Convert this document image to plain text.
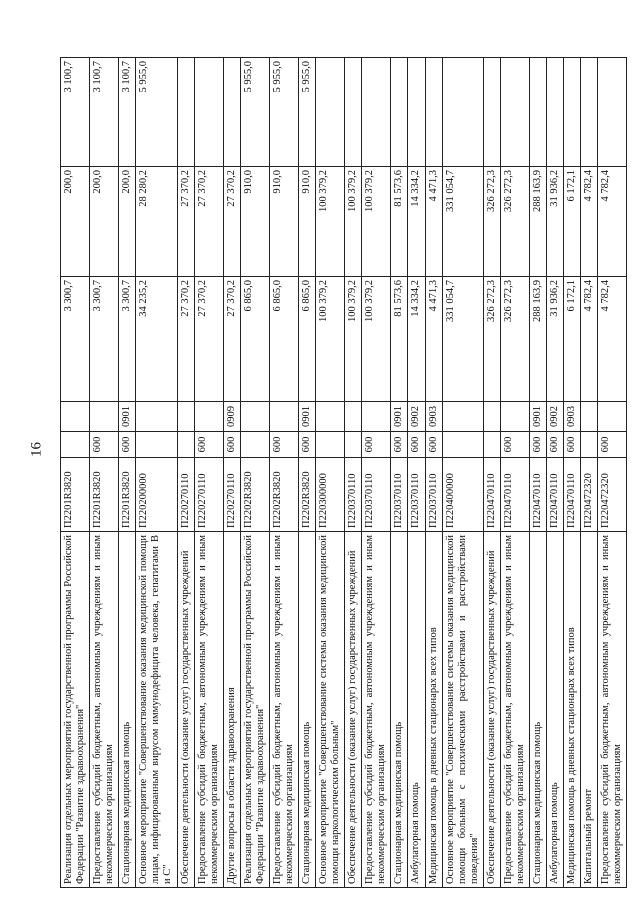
16
Реализация отдельных мероприятий государственной программы Российской Федерации "Развитие здравоохранения"	П2201R3820			3 300,7	200,0	3 100,7
Предоставление субсидий бюджетным, автономным учреждениям и иным некоммерческим организациям	П2201R3820	600		3 300,7	200,0	3 100,7
Стационарная медицинская помощь	П2201R3820	600	0901	3 300,7	200,0	3 100,7
Основное мероприятие "Совершенствование оказания медицинской помощи лицам, инфицированным вирусом иммунодефицита человека, гепатитами B и C"	П220200000			34 235,2	28 280,2	5 955,0
Обеспечение деятельности (оказание услуг) государственных учреждений	П220270110			27 370,2	27 370,2	
Предоставление субсидий бюджетным, автономным учреждениям и иным некоммерческим организациям	П220270110	600		27 370,2	27 370,2	
Другие вопросы в области здравоохранения	П220270110	600	0909	27 370,2	27 370,2	
Реализация отдельных мероприятий государственной программы Российской Федерации "Развитие здравоохранения"	П2202R3820			6 865,0	910,0	5 955,0
Предоставление субсидий бюджетным, автономным учреждениям и иным некоммерческим организациям	П2202R3820	600		6 865,0	910,0	5 955,0
Стационарная медицинская помощь	П2202R3820	600	0901	6 865,0	910,0	5 955,0
Основное мероприятие "Совершенствование системы оказания медицинской помощи наркологическим больным"	П220300000			100 379,2	100 379,2	
Обеспечение деятельности (оказание услуг) государственных учреждений	П220370110			100 379,2	100 379,2	
Предоставление субсидий бюджетным, автономным учреждениям и иным некоммерческим организациям	П220370110	600		100 379,2	100 379,2	
Стационарная медицинская помощь	П220370110	600	0901	81 573,6	81 573,6	
Амбулаторная помощь	П220370110	600	0902	14 334,2	14 334,2	
Медицинская помощь в дневных стационарах всех типов	П220370110	600	0903	4 471,3	4 471,3	
Основное мероприятие "Совершенствование системы оказания медицинской помощи больным с психическими расстройствами и расстройствами поведения"	П220400000			331 054,7	331 054,7	
Обеспечение деятельности (оказание услуг) государственных учреждений	П220470110			326 272,3	326 272,3	
Предоставление субсидий бюджетным, автономным учреждениям и иным некоммерческим организациям	П220470110	600		326 272,3	326 272,3	
Стационарная медицинская помощь	П220470110	600	0901	288 163,9	288 163,9	
Амбулаторная помощь	П220470110	600	0902	31 936,2	31 936,2	
Медицинская помощь в дневных стационарах всех типов	П220470110	600	0903	6 172,1	6 172,1	
Капитальный ремонт	П220472320			4 782,4	4 782,4	
Предоставление субсидий бюджетным, автономным учреждениям и иным некоммерческим организациям	П220472320	600		4 782,4	4 782,4	
